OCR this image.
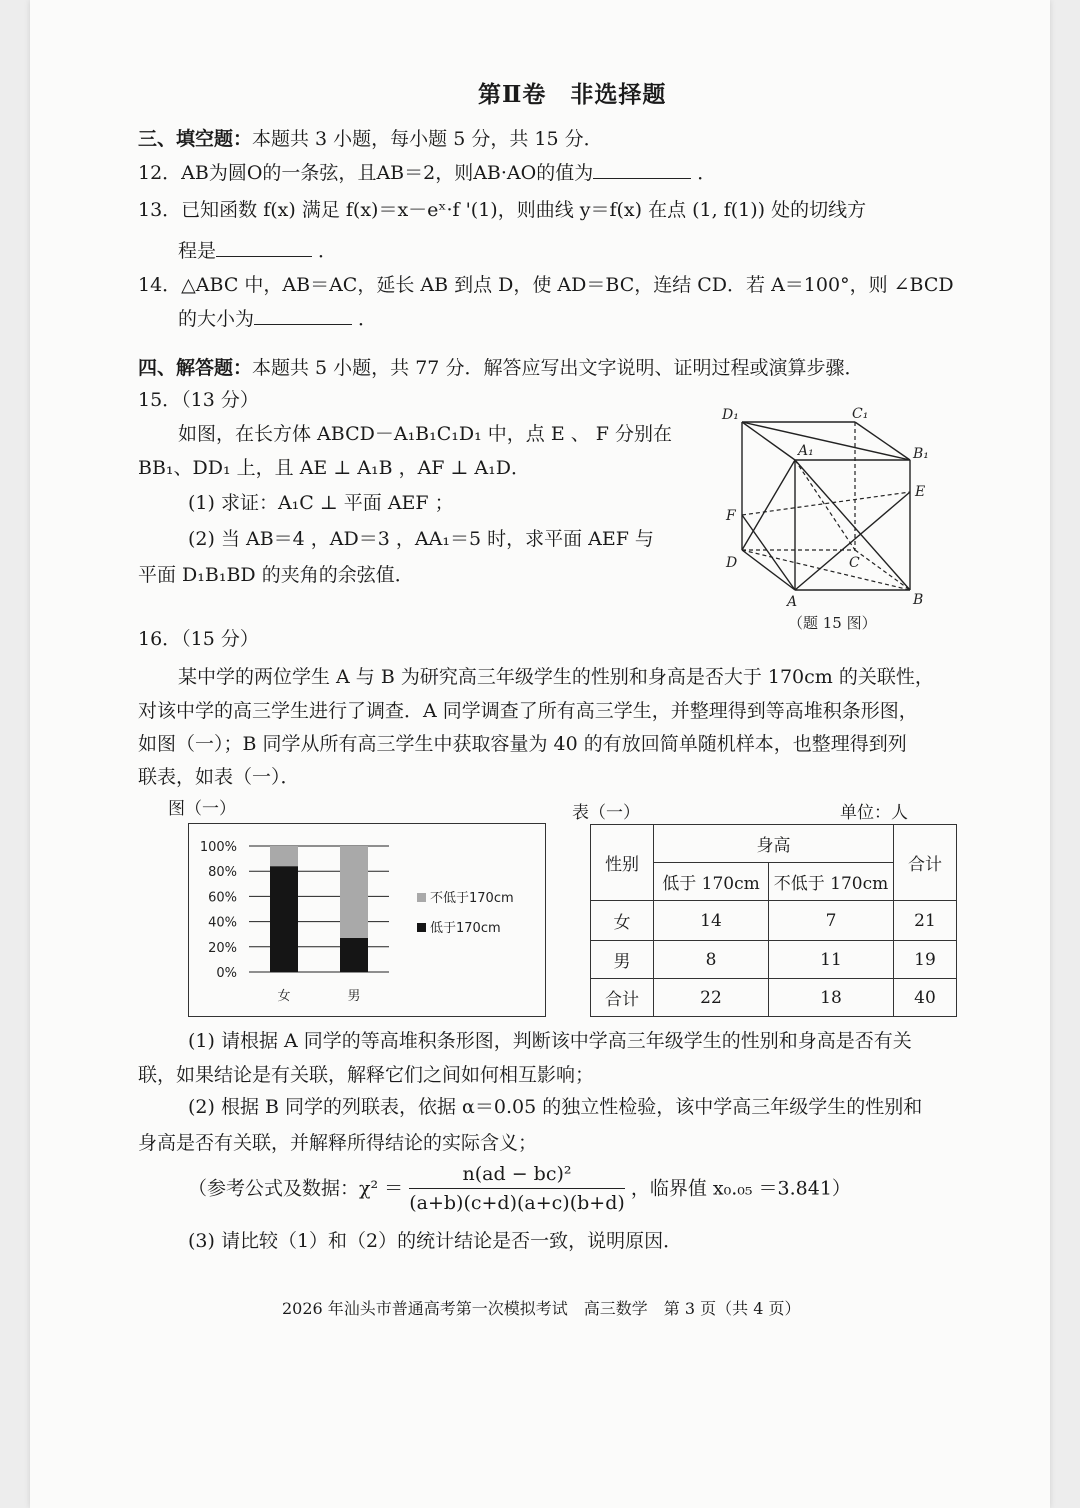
第Ⅱ卷　非选择题
三、填空题：本题共 3 小题，每小题 5 分，共 15 分．
12．AB为圆O的一条弦，且AB＝2，则AB·AO的值为	．
13．已知函数 f(x) 满足 f(x)＝x－eˣ·f '(1)，则曲线 y＝f(x) 在点 (1, f(1)) 处的切线方
程是	．
14．△ABC 中，AB＝AC，延长 AB 到点 D，使 AD＝BC，连结 CD．若 A＝100°，则 ∠BCD
的大小为	．
四、解答题：本题共 5 小题，共 77 分．解答应写出文字说明、证明过程或演算步骤．
15．（13 分）
如图，在长方体 ABCD－A₁B₁C₁D₁ 中，点 E 、 F 分别在
BB₁、DD₁ 上，且 AE ⊥ A₁B ，AF ⊥ A₁D．
(1) 求证：A₁C ⊥ 平面 AEF ；
(2) 当 AB＝4 ，AD＝3 ，AA₁＝5 时，求平面 AEF 与
平面 D₁B₁BD 的夹角的余弦值．
D₁	C₁
A₁	B₁
E
F
D	C
A	B
（题 15 图）
16．（15 分）
某中学的两位学生 A 与 B 为研究高三年级学生的性别和身高是否大于 170cm 的关联性，
对该中学的高三学生进行了调查．A 同学调查了所有高三学生，并整理得到等高堆积条形图，
如图（一）；B 同学从所有高三学生中获取容量为 40 的有放回简单随机样本，也整理得到列
联表，如表（一）．
图（一）	表（一）	单位：人
100%
80%
60%
40%
20%
0%
女	男
不低于170cm
低于170cm
性别	身高		合计
	低于 170cm	不低于 170cm	
女	14	7	21
男	8	11	19
合计	22	18	40
(1) 请根据 A 同学的等高堆积条形图，判断该中学高三年级学生的性别和身高是否有关
联，如果结论是有关联，解释它们之间如何相互影响；
(2) 根据 B 同学的列联表，依据 α＝0.05 的独立性检验，该中学高三年级学生的性别和
身高是否有关联，并解释所得结论的实际含义；
（参考公式及数据：$\chi^2 = \frac{\text{n(ad − bc)²}}{(a+b)(c+d)(a+c)(b+d)}$ ，临界值 x₀.₀₅ ＝3.841）
(3) 请比较（1）和（2）的统计结论是否一致，说明原因．
2026 年汕头市普通高考第一次模拟考试　高三数学　第 3 页（共 4 页）
